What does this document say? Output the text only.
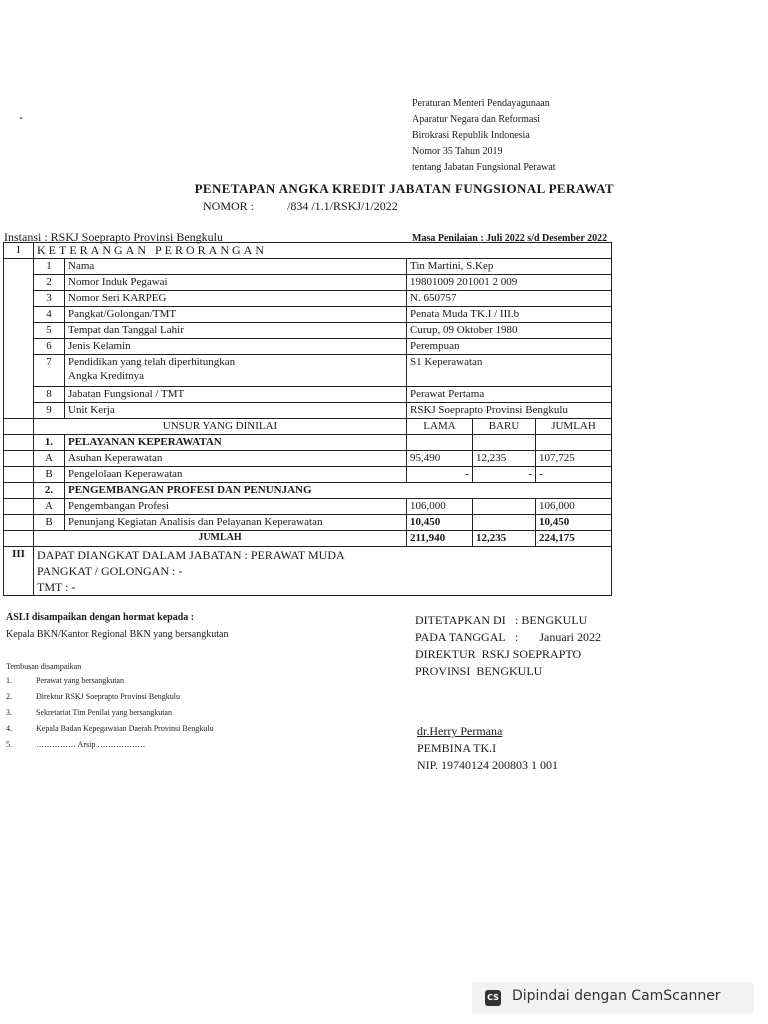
Peraturan Menteri Pendayagunaan
Aparatur Negara dan Reformasi
Birokrasi Republik Indonesia
Nomor 35 Tahun 2019
tentang Jabatan Fungsional Perawat
PENETAPAN ANGKA KREDIT JABATAN FUNGSIONAL PERAWAT
NOMOR :	/834 /1.1/RSKJ/1/2022
Instansi : RSKJ Soeprapto Provinsi Bengkulu	Masa Penilaian : Juli 2022 s/d Desember 2022
I	KETERANGAN PERORANGAN				
	1	Nama	Tin Martini, S.Kep		
	2	Nomor Induk Pegawai	19801009 201001 2 009		
	3	Nomor Seri KARPEG	N. 650757		
	4	Pangkat/Golongan/TMT	Penata Muda TK.I / III.b		
	5	Tempat dan Tanggal Lahir	Curup, 09 Oktober 1980		
	6	Jenis Kelamin	Perempuan		
	7	Pendidikan yang telah diperhitungkan
Angka Kreditnya	S1 Keperawatan		
	8	Jabatan Fungsional / TMT	Perawat Pertama		
	9	Unit Kerja	RSKJ Soeprapto Provinsi Bengkulu		
	UNSUR YANG DINILAI		LAMA	BARU	JUMLAH
	1.	PELAYANAN KEPERAWATAN			
	A	Asuhan Keperawatan	95,490	12,235	107,725
	B	Pengelolaan Keperawatan	-	-	-
	2.	PENGEMBANGAN PROFESI DAN PENUNJANG			
	A	Pengembangan Profesi	106,000		106,000
	B	Penunjang Kegiatan Analisis dan Pelayanan Keperawatan	10,450		10,450
	JUMLAH		211,940	12,235	224,175
III	DAPAT DIANGKAT DALAM JABATAN : PERAWAT MUDA
PANGKAT / GOLONGAN : -
TMT : -				
ASLI disampaikan dengan hormat kepada :
Kepala BKN/Kantor Regional BKN yang bersangkutan
Tembusan disampaikan
1.	Perawat yang bersangkutan
2.	Direktur RSKJ Soeprapto Provinsi Bengkulu
3.	Sekretariat Tim Penilai yang bersangkutan
4.	Kepala Badan Kepegawaian Daerah Provinsi Bengkulu
5.	…………… Arsip ………………
DITETAPKAN DI : BENGKULU
PADA TANGGAL :       Januari 2022
DIREKTUR  RSKJ SOEPRAPTO
PROVINSI  BENGKULU
dr.Herry Permana
PEMBINA TK.I
NIP. 19740124 200803 1 001
CS Dipindai dengan CamScanner
